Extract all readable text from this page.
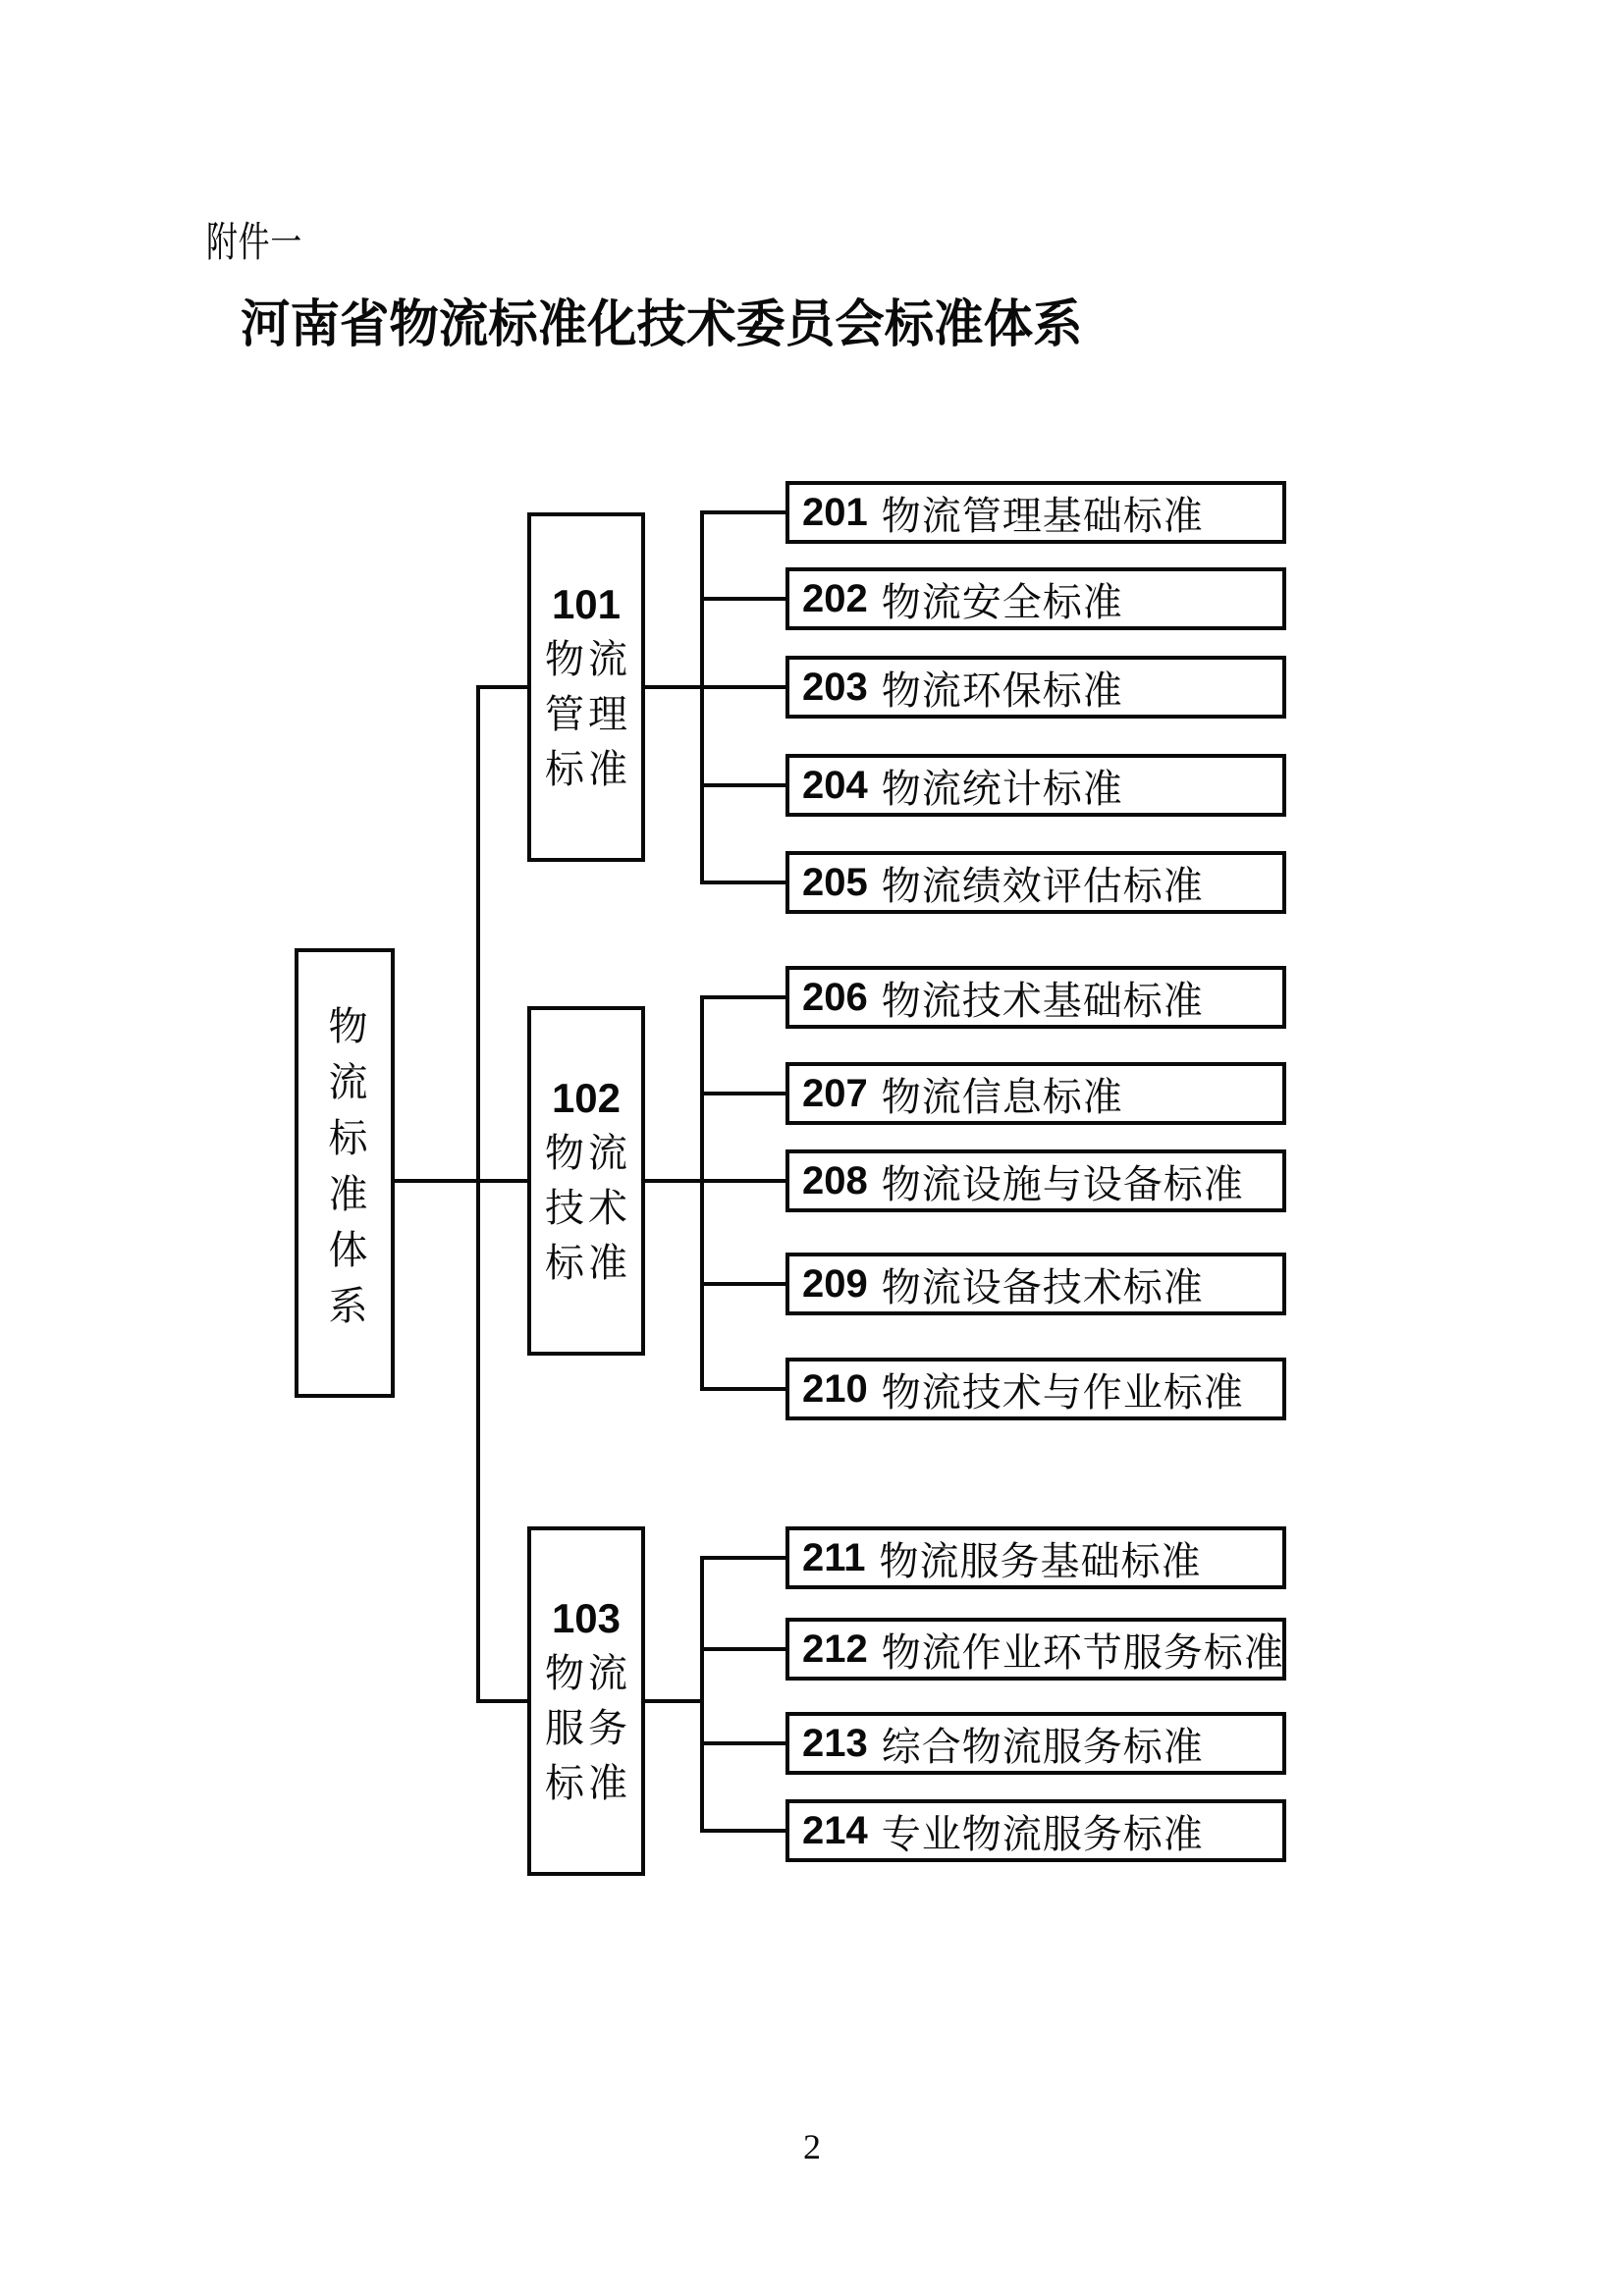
附件一
河南省物流标准化技术委员会标准体系
物流标准体系
101
物流
管理
标准
102
物流
技术
标准
103
物流
服务
标准
201 物流管理基础标准
202 物流安全标准
203 物流环保标准
204 物流统计标准
205 物流绩效评估标准
206 物流技术基础标准
207 物流信息标准
208 物流设施与设备标准
209 物流设备技术标准
210 物流技术与作业标准
211 物流服务基础标准
212 物流作业环节服务标准
213 综合物流服务标准
214 专业物流服务标准
2
